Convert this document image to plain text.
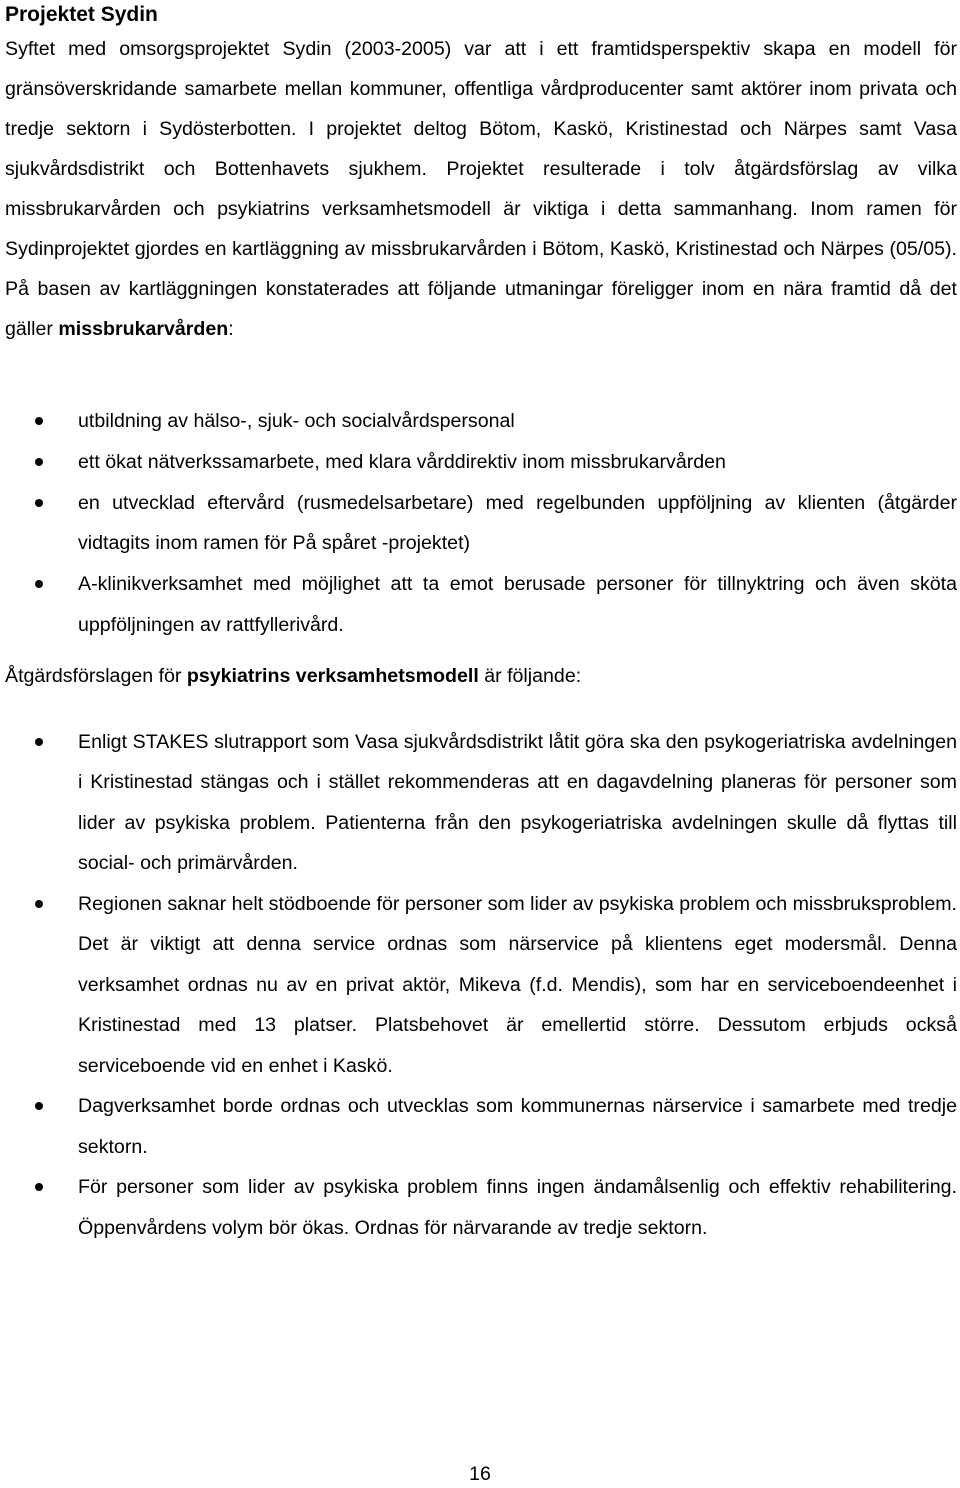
Projektet Sydin

Syftet med omsorgsprojektet Sydin (2003-2005) var att i ett framtidsperspektiv skapa en modell för gränsöverskridande samarbete mellan kommuner, offentliga vårdproducenter samt aktörer inom privata och tredje sektorn i Sydösterbotten. I projektet deltog Bötom, Kaskö, Kristinestad och Närpes samt Vasa sjukvårdsdistrikt och Bottenhavets sjukhem. Projektet resulterade i tolv åtgärdsförslag av vilka missbrukarvården och psykiatrins verksamhetsmodell är viktiga i detta sammanhang. Inom ramen för Sydinprojektet gjordes en kartläggning av missbrukarvården i Bötom, Kaskö, Kristinestad och Närpes (05/05). På basen av kartläggningen konstaterades att följande utmaningar föreligger inom en nära framtid då det gäller missbrukarvården:

utbildning av hälso-, sjuk- och socialvårdspersonal
ett ökat nätverkssamarbete, med klara vårddirektiv inom missbrukarvården
en utvecklad eftervård (rusmedelsarbetare) med regelbunden uppföljning av klienten (åtgärder vidtagits inom ramen för På spåret -projektet)
A-klinikverksamhet med möjlighet att ta emot berusade personer för tillnyktring och även sköta uppföljningen av rattfyllerivård.

Åtgärdsförslagen för psykiatrins verksamhetsmodell är följande:

Enligt STAKES slutrapport som Vasa sjukvårdsdistrikt låtit göra ska den psykogeriatriska avdelningen i Kristinestad stängas och i stället rekommenderas att en dagavdelning planeras för personer som lider av psykiska problem. Patienterna från den psykogeriatriska avdelningen skulle då flyttas till social- och primärvården.
Regionen saknar helt stödboende för personer som lider av psykiska problem och missbruksproblem. Det är viktigt att denna service ordnas som närservice på klientens eget modersmål. Denna verksamhet ordnas nu av en privat aktör, Mikeva (f.d. Mendis), som har en serviceboendeenhet i Kristinestad med 13 platser. Platsbehovet är emellertid större. Dessutom erbjuds också serviceboende vid en enhet i Kaskö.
Dagverksamhet borde ordnas och utvecklas som kommunernas närservice i samarbete med tredje sektorn.
För personer som lider av psykiska problem finns ingen ändamålsenlig och effektiv rehabilitering. Öppenvårdens volym bör ökas. Ordnas för närvarande av tredje sektorn.
16
